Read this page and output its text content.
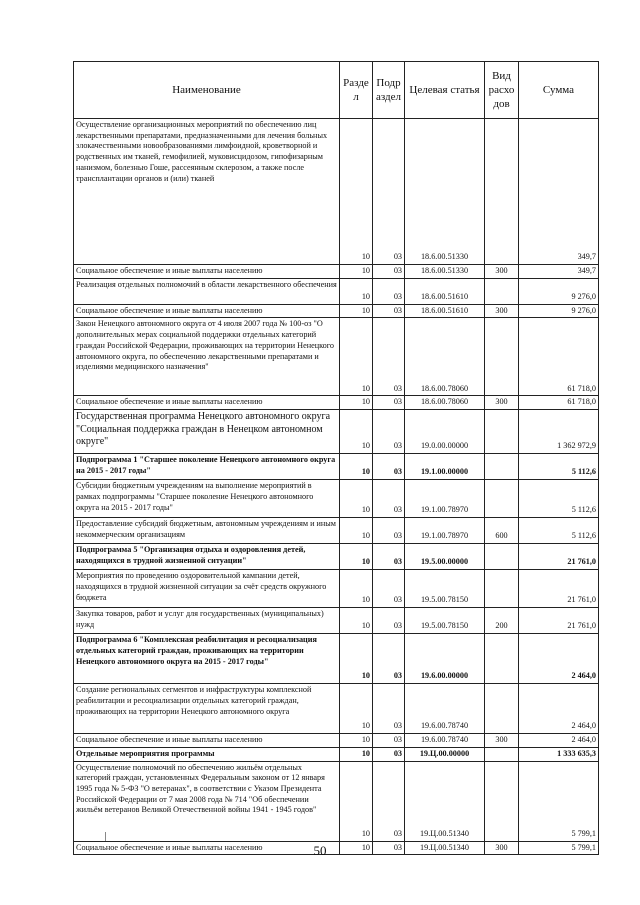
Наименование	Разде л	Подр аздел	Целевая статья	Вид расхо дов	Сумма
Осуществление организационных мероприятий по обеспечению лиц лекарственными препаратами, предназначенными для лечения больных злокачественными новообразованиями лимфоидной, кроветворной и родственных им тканей, гемофилией, муковисцидозом, гипофизарным нанизмом, болезнью Гоше, рассеянным склерозом, а также после трансплантации органов и (или) тканей	10	03	18.6.00.51330		349,7
Социальное обеспечение и иные выплаты населению	10	03	18.6.00.51330	300	349,7
Реализация отдельных полномочий в области лекарственного обеспечения	10	03	18.6.00.51610		9 276,0
Социальное обеспечение и иные выплаты населению	10	03	18.6.00.51610	300	9 276,0
Закон Ненецкого автономного округа от 4 июля 2007 года № 100-оз "О дополнительных мерах социальной поддержки отдельных категорий граждан Российской Федерации, проживающих на территории Ненецкого автономного округа, по обеспечению лекарственными препаратами и изделиями медицинского назначения"	10	03	18.6.00.78060		61 718,0
Социальное обеспечение и иные выплаты населению	10	03	18.6.00.78060	300	61 718,0
Государственная программа Ненецкого автономного округа "Социальная поддержка граждан в Ненецком автономном округе"	10	03	19.0.00.00000		1 362 972,9
Подпрограмма 1 "Старшее поколение Ненецкого автономного округа на 2015 - 2017 годы"	10	03	19.1.00.00000		5 112,6
Субсидии бюджетным учреждениям на выполнение мероприятий в рамках подпрограммы "Старшее поколение Ненецкого автономного округа на 2015 - 2017 годы"	10	03	19.1.00.78970		5 112,6
Предоставление субсидий бюджетным, автономным учреждениям и иным некоммерческим организациям	10	03	19.1.00.78970	600	5 112,6
Подпрограмма 5 "Организация отдыха и оздоровления детей, находящихся в трудной жизненной ситуации"	10	03	19.5.00.00000		21 761,0
Мероприятия по проведению оздоровительной кампании детей, находящихся в трудной жизненной ситуации за счёт средств окружного бюджета	10	03	19.5.00.78150		21 761,0
Закупка товаров, работ и услуг для государственных (муниципальных) нужд	10	03	19.5.00.78150	200	21 761,0
Подпрограмма 6 "Комплексная реабилитация и ресоциализация отдельных категорий граждан, проживающих на территории Ненецкого автономного округа на 2015 - 2017 годы"	10	03	19.6.00.00000		2 464,0
Создание региональных сегментов и инфраструктуры комплексной реабилитации и ресоциализации отдельных категорий граждан, проживающих на территории Ненецкого автономного округа	10	03	19.6.00.78740		2 464,0
Социальное обеспечение и иные выплаты населению	10	03	19.6.00.78740	300	2 464,0
Отдельные мероприятия программы	10	03	19.Ц.00.00000		1 333 635,3
Осуществление полномочий по обеспечению жильём отдельных категорий граждан, установленных Федеральным законом от 12 января 1995 года № 5-ФЗ "О ветеранах", в соответствии с Указом Президента Российской Федерации от 7 мая 2008 года № 714 "Об обеспечении жильём ветеранов Великой Отечественной войны 1941 - 1945 годов"	10	03	19.Ц.00.51340		5 799,1
Социальное обеспечение и иные выплаты населению	10	03	19.Ц.00.51340	300	5 799,1
50
